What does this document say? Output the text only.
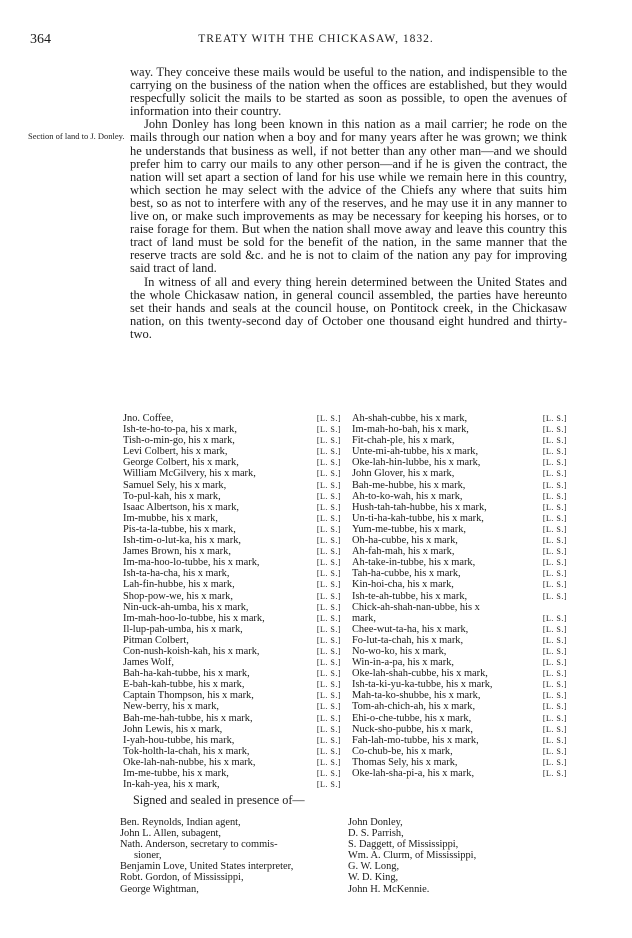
364	TREATY WITH THE CHICKASAW, 1832.
Section of land to J. Donley.

way. They conceive these mails would be useful to the nation, and indispensible to the carrying on the business of the nation when the offices are established, but they would respecfully solicit the mails to be started as soon as possible, to open the avenues of information into their country.

John Donley has long been known in this nation as a mail carrier; he rode on the mails through our nation when a boy and for many years after he was grown; we think he understands that business as well, if not better than any other man—and we should prefer him to carry our mails to any other person—and if he is given the contract, the nation will set apart a section of land for his use while we remain here in this country, which section he may select with the advice of the Chiefs any where that suits him best, so as not to interfere with any of the reserves, and he may use it in any manner to live on, or make such improvements as may be necessary for keeping his horses, or to raise forage for them. But when the nation shall move away and leave this country this tract of land must be sold for the benefit of the nation, in the same manner that the reserve tracts are sold &c. and he is not to claim of the nation any pay for improving said tract of land.

In witness of all and every thing herein determined between the United States and the whole Chickasaw nation, in general council assembled, the parties have hereunto set their hands and seals at the council house, on Pontitock creek, in the Chickasaw nation, on this twenty-second day of October one thousand eight hundred and thirty-two.

Jno. Coffee,	[L. S.]
Ish-te-ho-to-pa, his x mark,	[L. S.]
Tish-o-min-go, his x mark,	[L. S.]
Levi Colbert, his x mark,	[L. S.]
George Colbert, his x mark,	[L. S.]
William McGilvery, his x mark,	[L. S.]
Samuel Sely, his x mark,	[L. S.]
To-pul-kah, his x mark,	[L. S.]
Isaac Albertson, his x mark,	[L. S.]
Im-mubbe, his x mark,	[L. S.]
Pis-ta-la-tubbe, his x mark,	[L. S.]
Ish-tim-o-lut-ka, his x mark,	[L. S.]
James Brown, his x mark,	[L. S.]
Im-ma-hoo-lo-tubbe, his x mark,	[L. S.]
Ish-ta-ha-cha, his x mark,	[L. S.]
Lah-fin-hubbe, his x mark,	[L. S.]
Shop-pow-we, his x mark,	[L. S.]
Nin-uck-ah-umba, his x mark,	[L. S.]
Im-mah-hoo-lo-tubbe, his x mark,	[L. S.]
Il-lup-pah-umba, his x mark,	[L. S.]
Pitman Colbert,	[L. S.]
Con-nush-koish-kah, his x mark,	[L. S.]
James Wolf,	[L. S.]
Bah-ha-kah-tubbe, his x mark,	[L. S.]
E-bah-kah-tubbe, his x mark,	[L. S.]
Captain Thompson, his x mark,	[L. S.]
New-berry, his x mark,	[L. S.]
Bah-me-hah-tubbe, his x mark,	[L. S.]
John Lewis, his x mark,	[L. S.]
I-yah-hou-tubbe, his mark,	[L. S.]
Tok-holth-la-chah, his x mark,	[L. S.]
Oke-lah-nah-nubbe, his x mark,	[L. S.]
Im-me-tubbe, his x mark,	[L. S.]
In-kah-yea, his x mark,	[L. S.]
Ah-shah-cubbe, his x mark,	[L. S.]
Im-mah-ho-bah, his x mark,	[L. S.]
Fit-chah-ple, his x mark,	[L. S.]
Unte-mi-ah-tubbe, his x mark,	[L. S.]
Oke-lah-hin-lubbe, his x mark,	[L. S.]
John Glover, his x mark,	[L. S.]
Bah-me-hubbe, his x mark,	[L. S.]
Ah-to-ko-wah, his x mark,	[L. S.]
Hush-tah-tah-hubbe, his x mark,	[L. S.]
Un-ti-ha-kah-tubbe, his x mark,	[L. S.]
Yum-me-tubbe, his x mark,	[L. S.]
Oh-ha-cubbe, his x mark,	[L. S.]
Ah-fah-mah, his x mark,	[L. S.]
Ah-take-in-tubbe, his x mark,	[L. S.]
Tah-ha-cubbe, his x mark,	[L. S.]
Kin-hoi-cha, his x mark,	[L. S.]
Ish-te-ah-tubbe, his x mark,	[L. S.]
Chick-ah-shah-nan-ubbe, his x
mark,	[L. S.]
Chee-wut-ta-ha, his x mark,	[L. S.]
Fo-lut-ta-chah, his x mark,	[L. S.]
No-wo-ko, his x mark,	[L. S.]
Win-in-a-pa, his x mark,	[L. S.]
Oke-lah-shah-cubbe, his x mark,	[L. S.]
Ish-ta-ki-yu-ka-tubbe, his x mark,	[L. S.]
Mah-ta-ko-shubbe, his x mark,	[L. S.]
Tom-ah-chich-ah, his x mark,	[L. S.]
Ehi-o-che-tubbe, his x mark,	[L. S.]
Nuck-sho-pubbe, his x mark,	[L. S.]
Fah-lah-mo-tubbe, his x mark,	[L. S.]
Co-chub-be, his x mark,	[L. S.]
Thomas Sely, his x mark,	[L. S.]
Oke-lah-sha-pi-a, his x mark,	[L. S.]
Signed and sealed in presence of—
Ben. Reynolds, Indian agent,
John L. Allen, subagent,
Nath. Anderson, secretary to commis-
sioner,
Benjamin Love, United States interpreter,
Robt. Gordon, of Mississippi,
George Wightman,
John Donley,
D. S. Parrish,
S. Daggett, of Mississippi,
Wm. A. Clurm, of Mississippi,
G. W. Long,
W. D. King,
John H. McKennie.
